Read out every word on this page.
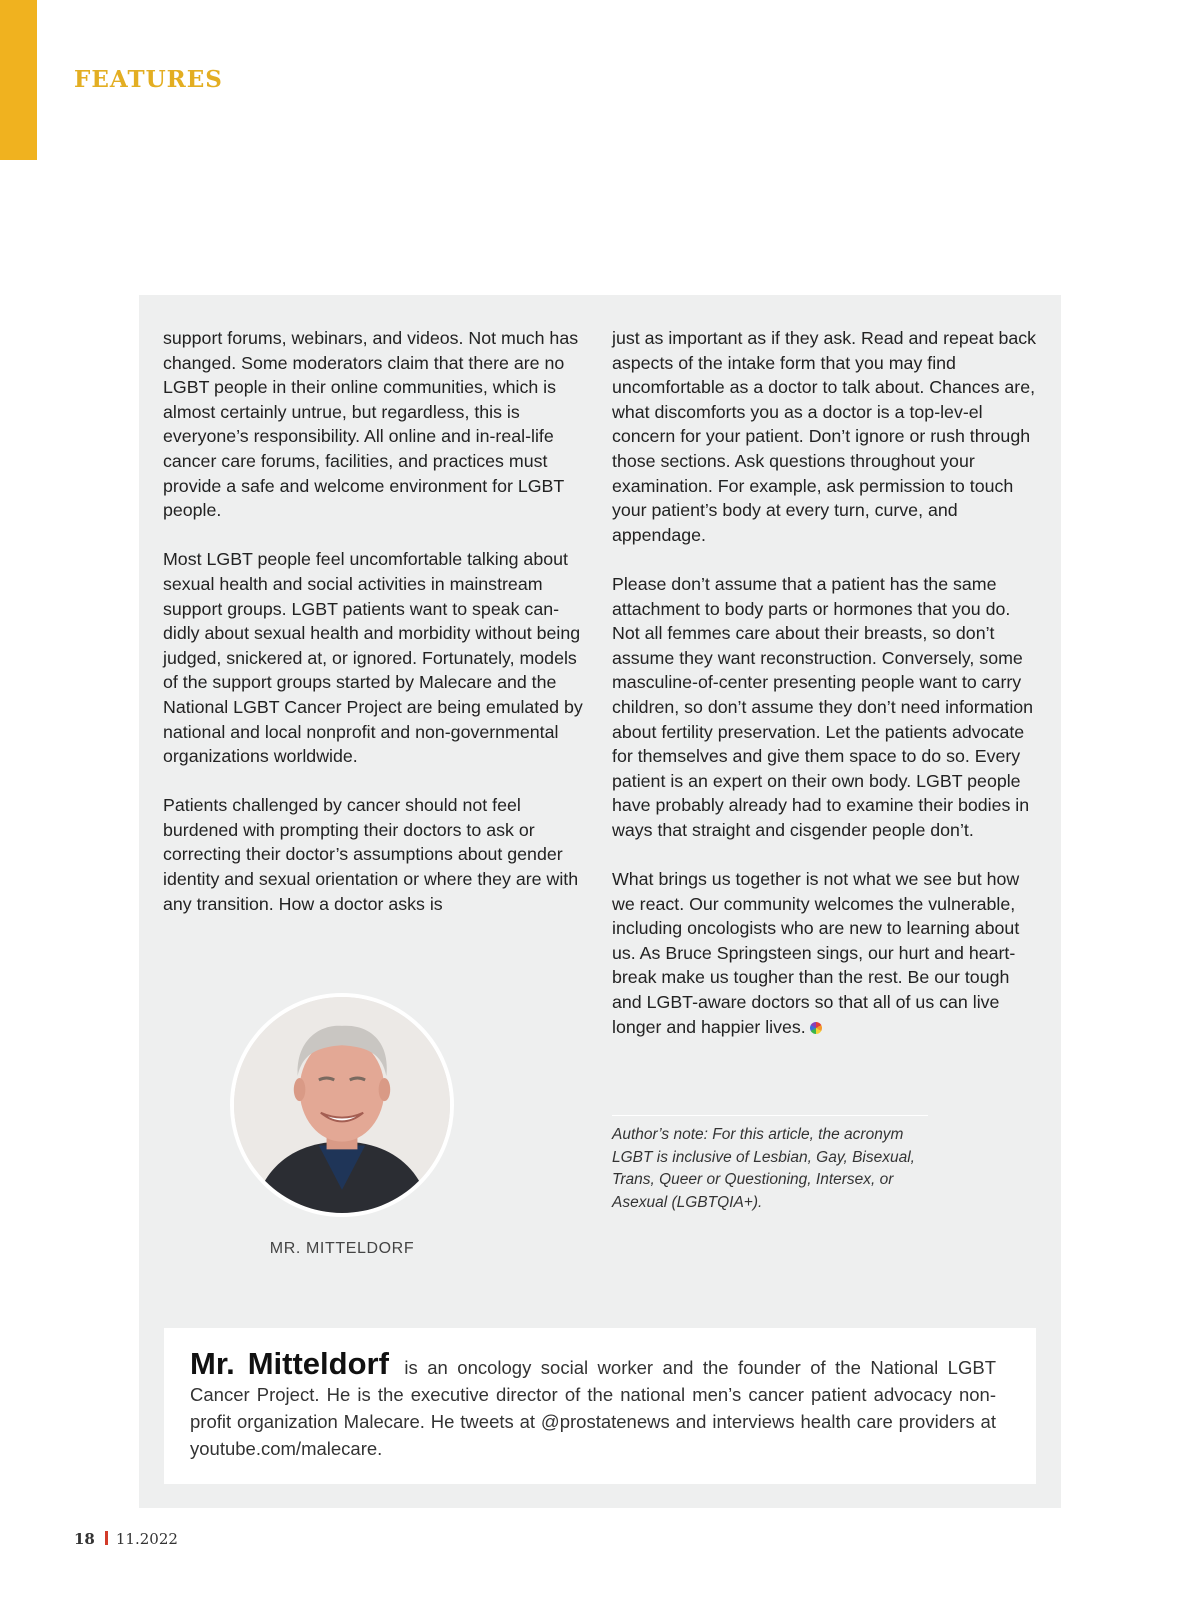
FEATURES

support forums, webinars, and videos. Not much has changed. Some moderators claim that there are no LGBT people in their online communities, which is almost certainly untrue, but regardless, this is everyone’s responsibility. All online and in-real-life cancer care forums, facilities, and practices must provide a safe and welcome environment for LGBT people.

Most LGBT people feel uncomfortable talking about sexual health and social activities in mainstream support groups. LGBT patients want to speak can-didly about sexual health and morbidity without being judged, snickered at, or ignored. Fortunately, models of the support groups started by Malecare and the National LGBT Cancer Project are being emulated by national and local nonprofit and non-governmental organizations worldwide.

Patients challenged by cancer should not feel burdened with prompting their doctors to ask or correcting their doctor’s assumptions about gender identity and sexual orientation or where they are with any transition. How a doctor asks is

just as important as if they ask. Read and repeat back aspects of the intake form that you may find uncomfortable as a doctor to talk about. Chances are, what discomforts you as a doctor is a top-lev-el concern for your patient. Don’t ignore or rush through those sections. Ask questions throughout your examination. For example, ask permission to touch your patient’s body at every turn, curve, and appendage.

Please don’t assume that a patient has the same attachment to body parts or hormones that you do. Not all femmes care about their breasts, so don’t assume they want reconstruction. Conversely, some masculine-of-center presenting people want to carry children, so don’t assume they don’t need information about fertility preservation. Let the patients advocate for themselves and give them space to do so. Every patient is an expert on their own body. LGBT people have probably already had to examine their bodies in ways that straight and cisgender people don’t.

What brings us together is not what we see but how we react. Our community welcomes the vulnerable, including oncologists who are new to learning about us. As Bruce Springsteen sings, our hurt and heart-break make us tougher than the rest. Be our tough and LGBT-aware doctors so that all of us can live longer and happier lives.

Author’s note: For this article, the acronym LGBT is inclusive of Lesbian, Gay, Bisexual, Trans, Queer or Questioning, Intersex, or Asexual (LGBTQIA+).
MR. MITTELDORF
Mr. Mitteldorf is an oncology social worker and the founder of the National LGBT Cancer Project. He is the executive director of the national men’s cancer patient advocacy non-profit organization Malecare. He tweets at @prostatenews and interviews health care providers at youtube.com/malecare.
18 11.2022
